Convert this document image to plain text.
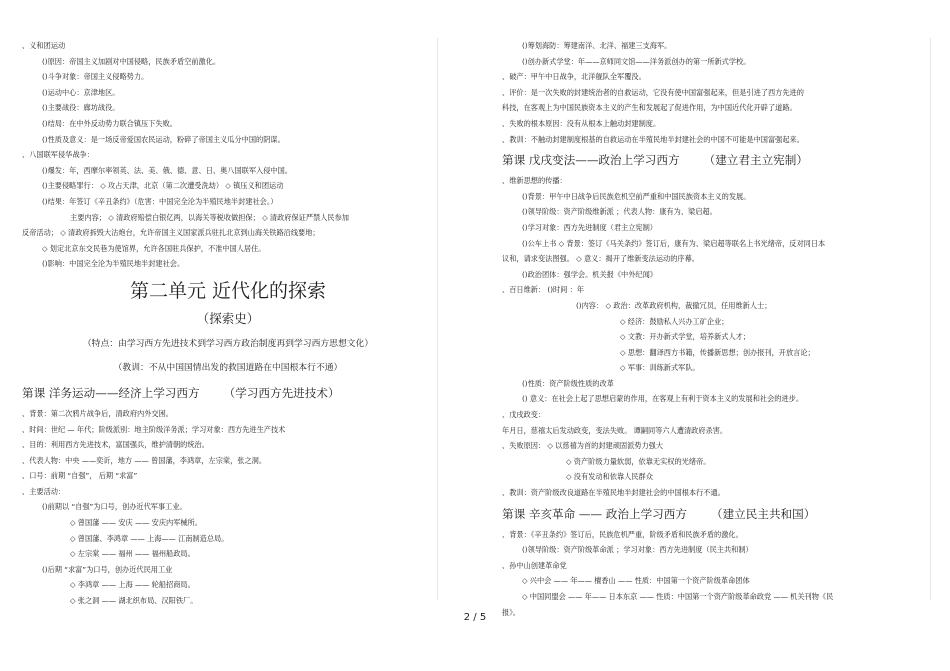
、义和团运动
()原因：帝国主义加剧对中国侵略，民族矛盾空前激化。
()斗争对象：帝国主义侵略势力。
()运动中心：京津地区。
()主要战役：廊坊战役。
()结局：在中外反动势力联合镇压下失败。
()性质及意义：是一场反帝爱国农民运动，粉碎了帝国主义瓜分中国的阴谋。
、八国联军侵华战争：
()爆发：年，西摩尔率领英、法、美、俄、德、意、日、奥八国联军入侵中国。
()主要侵略罪行： ◇ 攻占天津，北京（第二次遭受洗劫） ◇ 镇压义和团运动
()结果：年签订《辛丑条约》（危害：中国完全沦为半殖民地半封建社会。）
主要内容； ◇ 清政府赔偿白银亿两，以海关等税收做担保； ◇ 清政府保证严禁人民参加
反帝活动； ◇ 清政府拆毁大沽炮台，允许帝国主义国家派兵驻扎北京到山海关铁路沿线要地；
◇ 划定北京东交民巷为使馆界，允许各国驻兵保护，不准中国人居住。
()影响：中国完全沦为半殖民地半封建社会。
第二单元 近代化的探索
（探索史）
（特点：由学习西方先进技术到学习西方政治制度再到学习西方思想文化）
（教训：不从中国国情出发的救国道路在中国根本行不通）
第课 洋务运动——经济上学习西方 （学习西方先进技术）
、背景：第二次鸦片战争后，清政府内外交困。
、时间：世纪 — 年代；阶级派别：地主阶级洋务派；学习对象：西方先进生产技术
、目的：利用西方先进技术，富国强兵，维护清朝的统治。
、代表人物：中央 ——奕䜣，地方 —— 曾国藩，李鸿章，左宗棠，张之洞。
、口号：前期 “自强”， 后期 “求富”
、主要活动：
()前期以 “自强”为口号，创办近代军事工业。
◇ 曾国藩 —— 安庆 —— 安庆内军械所。
◇ 曾国藩、李鸿章 —— 上海—— 江南制造总局。
◇ 左宗棠 —— 福州 —— 福州船政局。
()后期 “求富”为口号，创办近代民用工业
◇ 李鸿章 —— 上海 —— 轮船招商局。
◇ 张之洞 —— 湖北织布局、汉阳铁厂。
()筹划海防：筹建南洋、北洋、福建三支海军。
()创办新式学堂：年——京师同文馆——洋务派创办的第一所新式学校。
、破产：甲午中日战争，北洋舰队全军覆没。
、评价：是一次失败的封建统治者的自救运动，它没有使中国富强起来，但是引进了西方先进的
科技，在客观上为中国民族资本主义的产生和发展起了促进作用，为中国近代化开辟了道路。
、失败的根本原因：没有从根本上触动封建制度。
、教训：不触动封建制度根基的自救运动在半殖民地半封建社会的中国不可能是中国富强起来。
第课 戊戌变法——政治上学习西方 （建立君主立宪制）
、维新思想的传播：
()背景：甲午中日战争后民族危机空前严重和中国民族资本主义的发展。
()领导阶级：资产阶级维新派 ；代表人物：康有为、梁启超。
()学习对象：西方先进制度（君主立宪制）
()公车上书 ◇ 背景：签订《马关条约》签订后，康有为、梁启超等联名上书光绪帝，反对同日本
议和，请求变法图强。 ◇ 意义：揭开了维新变法运动的序幕。
()政治团体：强学会。机关报《中外纪闻》
、百日维新： ()时间 ：年
()内容： ◇ 政治：改革政府机构，裁撤冗员，任用维新人士；
◇ 经济：鼓励私人兴办工矿企业；
◇ 文教：开办新式学堂，培养新式人才；
◇ 思想：翻译西方书籍，传播新思想；创办报刊，开放言论；
◇ 军事：训练新式军队。
()性质：资产阶级性质的改革
() 意义：在社会上起了思想启蒙的作用，在客观上有利于资本主义的发展和社会的进步。
、戊戌政变：
年月日，慈禧太后发动政变，变法失败。 谭嗣同等六人遭清政府杀害。
、失败原因： ◇ 以慈禧为首的封建顽固派势力强大
◇ 资产阶级力量软弱，依靠无实权的光绪帝。
◇ 没有发动和依靠人民群众
、教训：资产阶级改良道路在半殖民地半封建社会的中国根本行不通。
第课 辛亥革命 —— 政治上学习西方 （建立民主共和国）
、背景：《辛丑条约》签订后，民族危机严重，阶级矛盾和民族矛盾的激化。
()领导阶级：资产阶级革命派 ；学习对象：西方先进制度（民主共和制）
、孙中山创建革命党
◇ 兴中会 —— 年—— 檀香山 —— 性质：中国第一个资产阶级革命团体
◇ 中国同盟会 —— 年—— 日本东京 —— 性质：中国第一个资产阶级革命政党 —— 机关刊物《民
报》。
2 / 5
